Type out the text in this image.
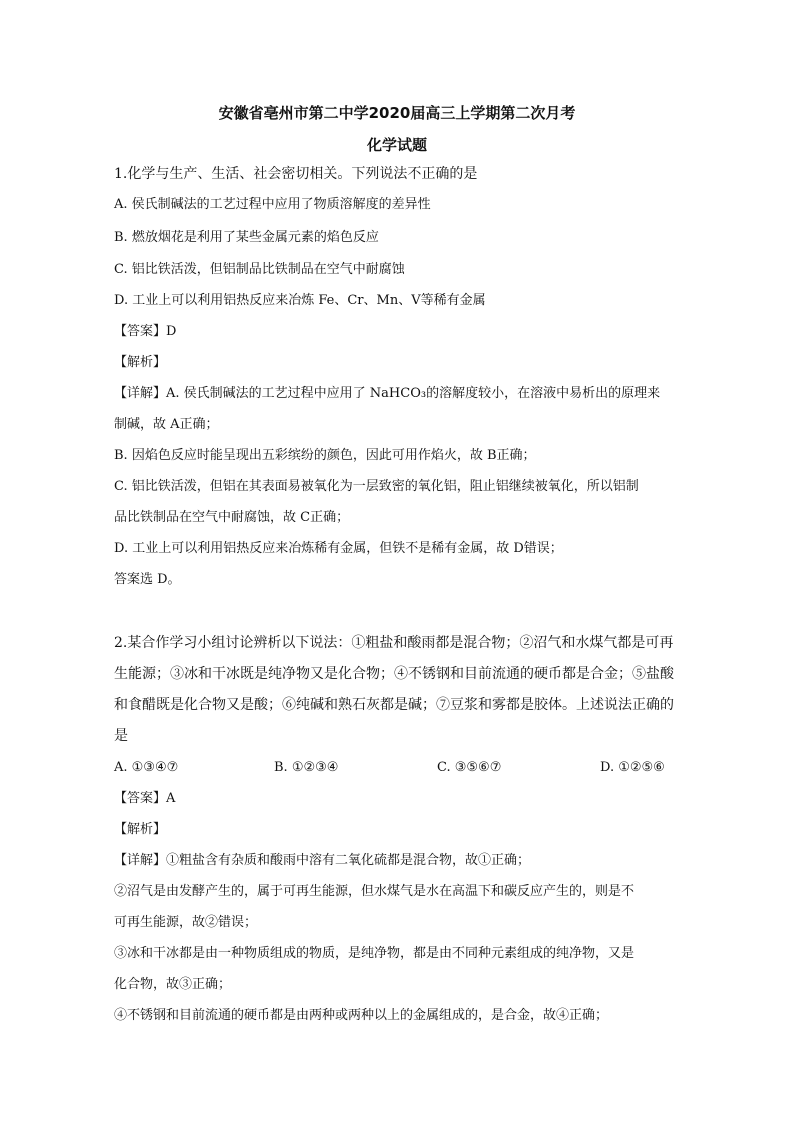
安徽省亳州市第二中学2020届高三上学期第二次月考
化学试题
1.化学与生产、生活、社会密切相关。下列说法不正确的是
A. 侯氏制碱法的工艺过程中应用了物质溶解度的差异性
B. 燃放烟花是利用了某些金属元素的焰色反应
C. 铝比铁活泼，但铝制品比铁制品在空气中耐腐蚀
D. 工业上可以利用铝热反应来冶炼 Fe、Cr、Mn、V等稀有金属
【答案】D
【解析】
【详解】A. 侯氏制碱法的工艺过程中应用了 NaHCO₃的溶解度较小，在溶液中易析出的原理来
制碱，故 A正确；
B. 因焰色反应时能呈现出五彩缤纷的颜色，因此可用作焰火，故 B正确；
C. 铝比铁活泼，但铝在其表面易被氧化为一层致密的氧化铝，阻止铝继续被氧化，所以铝制
品比铁制品在空气中耐腐蚀，故 C正确；
D. 工业上可以利用铝热反应来冶炼稀有金属，但铁不是稀有金属，故 D错误；
答案选 D。
2.某合作学习小组讨论辨析以下说法：①粗盐和酸雨都是混合物；②沼气和水煤气都是可再
生能源；③冰和干冰既是纯净物又是化合物；④不锈钢和目前流通的硬币都是合金；⑤盐酸
和食醋既是化合物又是酸；⑥纯碱和熟石灰都是碱；⑦豆浆和雾都是胶体。上述说法正确的
是
A. ①③④⑦	B. ①②③④	C. ③⑤⑥⑦	D. ①②⑤⑥
【答案】A
【解析】
【详解】①粗盐含有杂质和酸雨中溶有二氧化硫都是混合物，故①正确；
②沼气是由发酵产生的，属于可再生能源，但水煤气是水在高温下和碳反应产生的，则是不
可再生能源，故②错误；
③冰和干冰都是由一种物质组成的物质，是纯净物，都是由不同种元素组成的纯净物，又是
化合物，故③正确；
④不锈钢和目前流通的硬币都是由两种或两种以上的金属组成的，是合金，故④正确；
